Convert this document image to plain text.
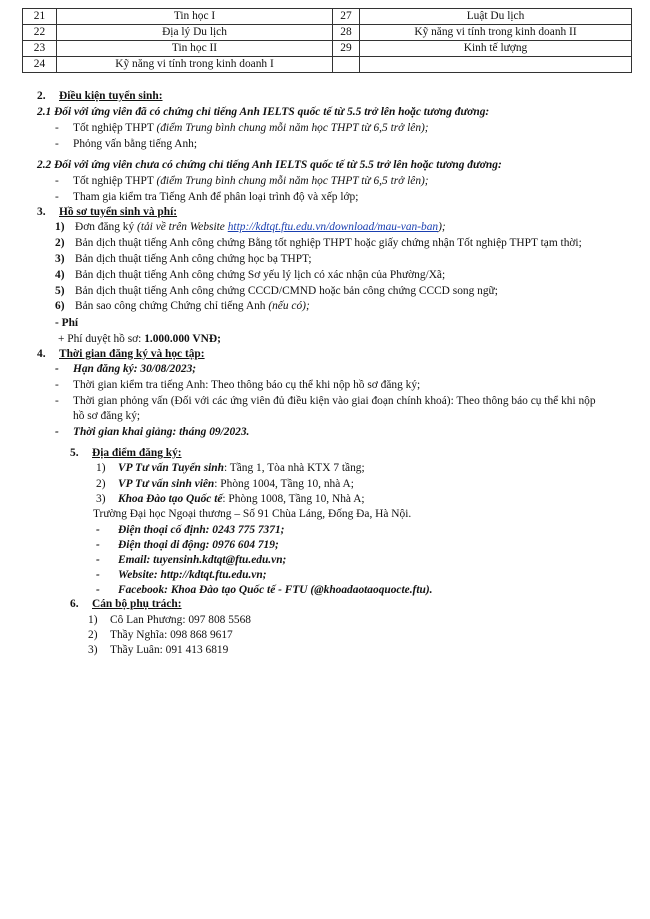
21	Tin học I	27	Luật Du lịch
22	Địa lý Du lịch	28	Kỹ năng vi tính trong kinh doanh II
23	Tin học II	29	Kinh tế lượng
24	Kỹ năng vi tính trong kinh doanh I		
2. Điều kiện tuyển sinh:
2.1 Đối với ứng viên đã có chứng chỉ tiếng Anh IELTS quốc tế từ 5.5 trở lên hoặc tương đương:
- Tốt nghiệp THPT (điểm Trung bình chung mỗi năm học THPT từ 6,5 trở lên);
- Phỏng vấn bằng tiếng Anh;
2.2 Đối với ứng viên chưa có chứng chỉ tiếng Anh IELTS quốc tế từ 5.5 trở lên hoặc tương đương:
- Tốt nghiệp THPT (điểm Trung bình chung mỗi năm học THPT từ 6,5 trở lên);
- Tham gia kiểm tra Tiếng Anh để phân loại trình độ và xếp lớp;
3. Hồ sơ tuyển sinh và phí:
1) Đơn đăng ký (tải về trên Website http://kdtqt.ftu.edu.vn/download/mau-van-ban);
2) Bản dịch thuật tiếng Anh công chứng Bằng tốt nghiệp THPT hoặc giấy chứng nhận Tốt nghiệp THPT tạm thời;
3) Bản dịch thuật tiếng Anh công chứng học bạ THPT;
4) Bản dịch thuật tiếng Anh công chứng Sơ yếu lý lịch có xác nhận của Phường/Xã;
5) Bản dịch thuật tiếng Anh công chứng CCCD/CMND hoặc bản công chứng CCCD song ngữ;
6) Bản sao công chứng Chứng chỉ tiếng Anh (nếu có);
- Phí
+ Phí duyệt hồ sơ: 1.000.000 VNĐ;
4. Thời gian đăng ký và học tập:
- Hạn đăng ký: 30/08/2023;
- Thời gian kiểm tra tiếng Anh: Theo thông báo cụ thể khi nộp hồ sơ đăng ký;
- Thời gian phỏng vấn (Đối với các ứng viên đủ điều kiện vào giai đoạn chính khoá): Theo thông báo cụ thể khi nộp
hồ sơ đăng ký;
- Thời gian khai giảng: tháng 09/2023.
5. Địa điểm đăng ký:
1) VP Tư vấn Tuyển sinh: Tầng 1, Tòa nhà KTX 7 tầng;
2) VP Tư vấn sinh viên: Phòng 1004, Tầng 10, nhà A;
3) Khoa Đào tạo Quốc tế: Phòng 1008, Tầng 10, Nhà A;
Trường Đại học Ngoại thương – Số 91 Chùa Láng, Đống Đa, Hà Nội.
- Điện thoại cố định: 0243 775 7371;
- Điện thoại di động: 0976 604 719;
- Email: tuyensinh.kdtqt@ftu.edu.vn;
- Website: http://kdtqt.ftu.edu.vn;
- Facebook: Khoa Đào tạo Quốc tế - FTU (@khoadaotaoquocte.ftu).
6. Cán bộ phụ trách:
1) Cô Lan Phương: 097 808 5568
2) Thầy Nghĩa: 098 868 9617
3) Thầy Luân: 091 413 6819
